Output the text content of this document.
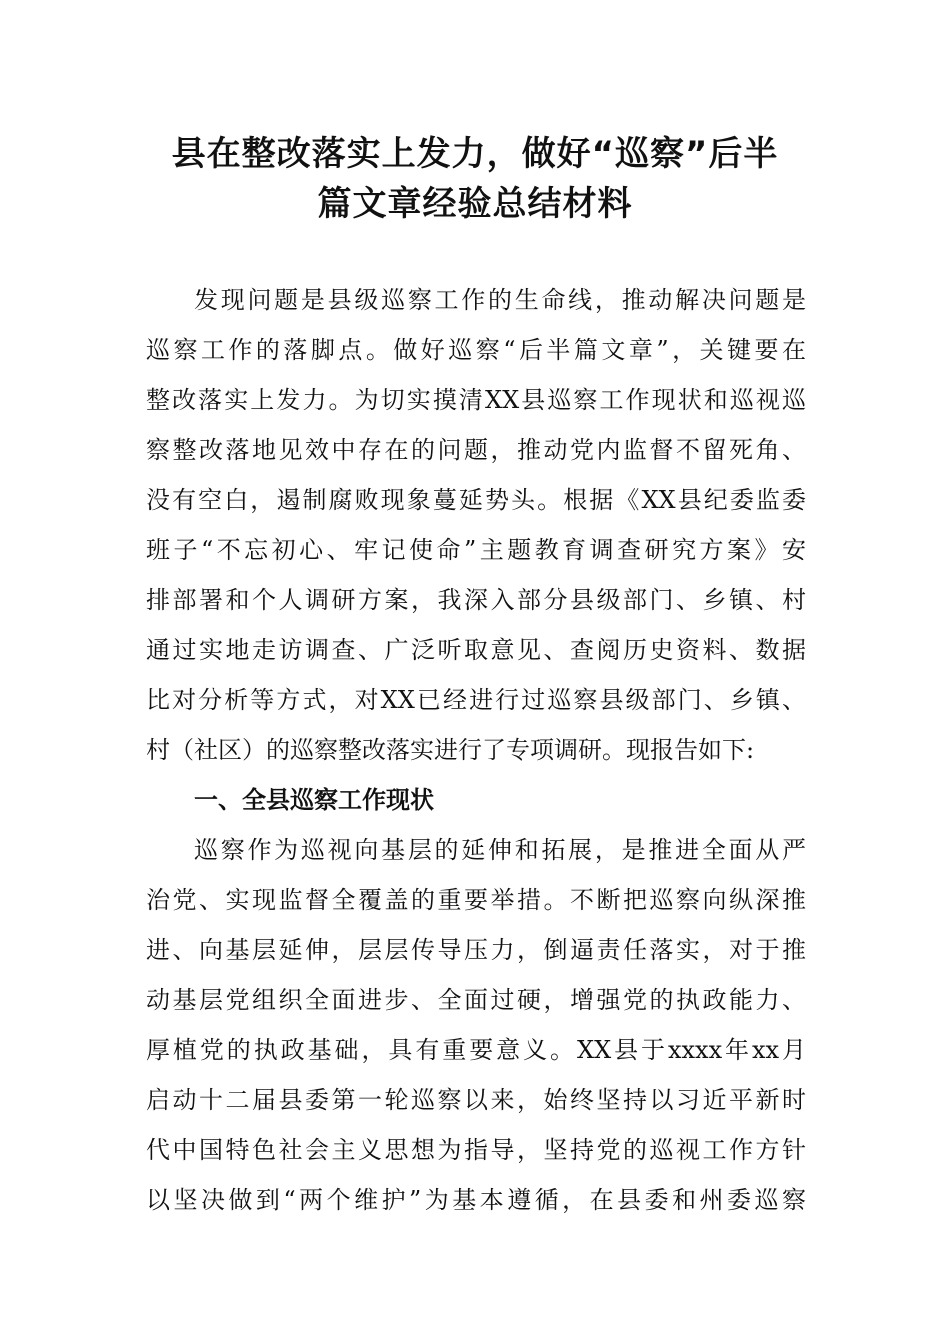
县在整改落实上发力，做好“巡察”后半
篇文章经验总结材料
发现问题是县级巡察工作的生命线，推动解决问题是
巡察工作的落脚点。做好巡察“后半篇文章”，关键要在
整改落实上发力。为切实摸清XX县巡察工作现状和巡视巡
察整改落地见效中存在的问题，推动党内监督不留死角、
没有空白，遏制腐败现象蔓延势头。根据《XX县纪委监委
班子“不忘初心、牢记使命”主题教育调查研究方案》安
排部署和个人调研方案，我深入部分县级部门、乡镇、村
通过实地走访调查、广泛听取意见、查阅历史资料、数据
比对分析等方式，对XX已经进行过巡察县级部门、乡镇、
村（社区）的巡察整改落实进行了专项调研。现报告如下:
一、全县巡察工作现状
巡察作为巡视向基层的延伸和拓展，是推进全面从严
治党、实现监督全覆盖的重要举措。不断把巡察向纵深推
进、向基层延伸，层层传导压力，倒逼责任落实，对于推
动基层党组织全面进步、全面过硬，增强党的执政能力、
厚植党的执政基础，具有重要意义。XX县于xxxx年xx月
启动十二届县委第一轮巡察以来，始终坚持以习近平新时
代中国特色社会主义思想为指导，坚持党的巡视工作方针
以坚决做到“两个维护”为基本遵循，在县委和州委巡察
